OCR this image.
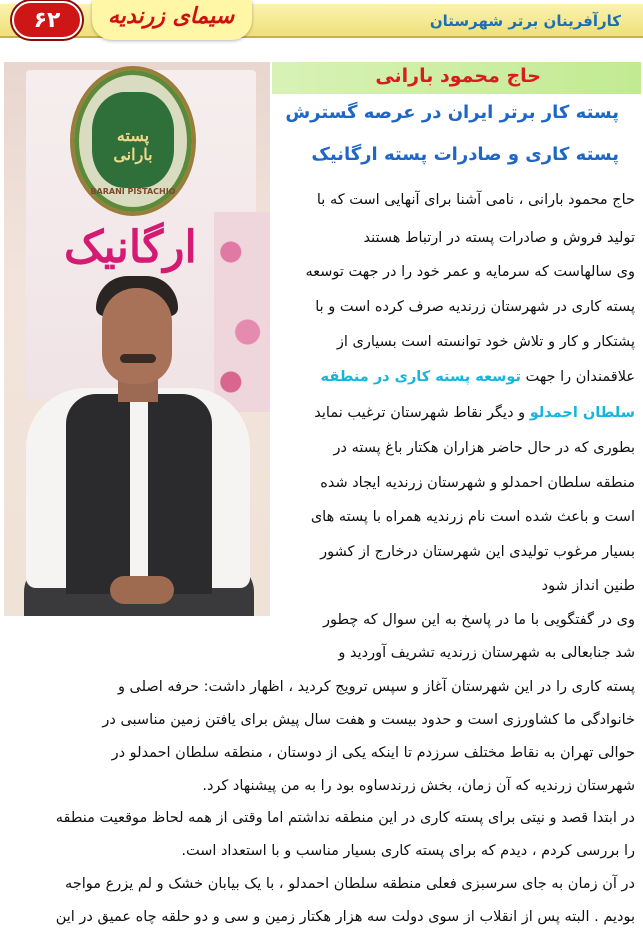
کارآفرینان برتر شهرستان
سیمای زرندیه
۶۲
پسته بارانی
BARANI PISTACHIO
ارگانیک
حاج محمود بارانی
پسته کار برتر ایران در عرصه گسترش
پسته کاری و صادرات پسته ارگانیک
حاج محمود بارانی ، نامی آشنا برای آنهایی است که با
تولید فروش و صادرات پسته در ارتباط هستند
وی سالهاست که سرمایه و عمر خود را در جهت توسعه
پسته کاری در شهرستان زرندیه صرف کرده است و با
پشتکار و کار و تلاش خود توانسته است بسیاری از
علاقمندان را جهت توسعه پسته کاری در منطقه
سلطان احمدلو و دیگر نقاط شهرستان ترغیب نماید
بطوری که در حال حاضر هزاران هکتار باغ پسته در
منطقه سلطان احمدلو و شهرستان زرندیه ایجاد شده
است و باعث شده است نام زرندیه همراه با پسته های
بسیار مرغوب تولیدی این شهرستان درخارج از کشور
طنین انداز شود
وی در گفتگویی با ما در پاسخ به این سوال که چطور
شد جنابعالی به شهرستان زرندیه تشریف آوردید و
پسته کاری را در این شهرستان آغاز و سپس ترویج کردید ، اظهار داشت: حرفه اصلی و
خانوادگی ما کشاورزی است و حدود بیست و هفت سال پیش برای یافتن زمین مناسبی در
حوالی تهران به نقاط مختلف سرزدم تا اینکه یکی از دوستان ، منطقه سلطان احمدلو در
شهرستان زرندیه که آن زمان، بخش زرندساوه بود را به من پیشنهاد کرد.
در ابتدا قصد و نیتی برای پسته کاری در این منطقه نداشتم اما وقتی از همه لحاظ موقعیت منطقه
را بررسی کردم ، دیدم که برای پسته کاری بسیار مناسب و با استعداد است.
در آن زمان به جای سرسبزی فعلی منطقه سلطان احمدلو ، با یک بیابان خشک و لم یزرع مواجه
بودیم . البته پس از انقلاب از سوی دولت سه هزار هکتار زمین و سی و دو حلقه چاه عمیق در این
